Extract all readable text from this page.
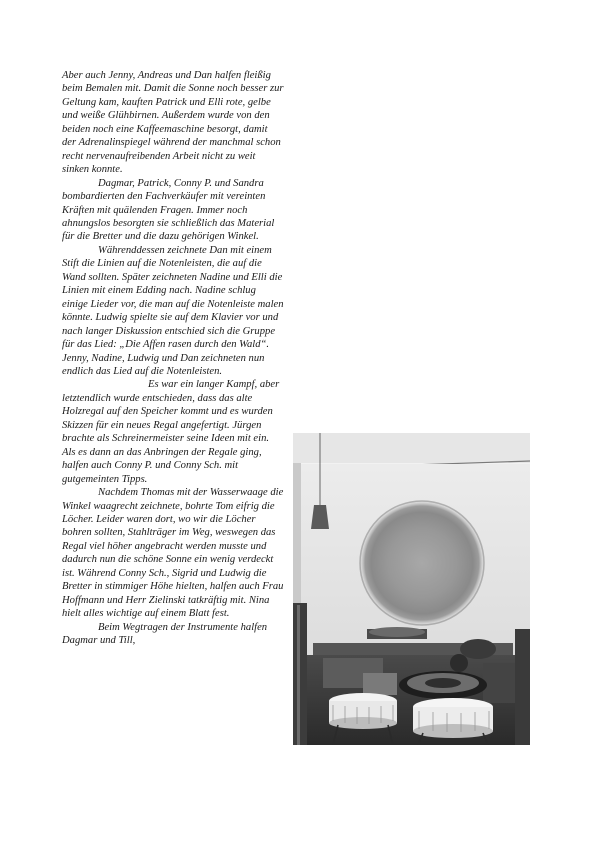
Aber auch Jenny, Andreas und Dan halfen fleißig beim Bemalen mit. Damit die Sonne noch besser zur Geltung kam, kauften Patrick und Elli rote, gelbe und weiße Glühbirnen. Außerdem wurde von den beiden noch eine Kaffeemaschine besorgt, damit der Adrenalinspiegel während der manchmal schon recht nervenaufreibenden Arbeit nicht zu weit sinken konnte.

Dagmar, Patrick, Conny P. und Sandra bombardierten den Fachverkäufer mit vereinten Kräften mit quälenden Fragen. Immer noch ahnungslos besorgten sie schließlich das Material für die Bretter und die dazu gehörigen Winkel.

Währenddessen zeichnete Dan mit einem Stift die Linien auf die Notenleisten, die auf die Wand sollten. Später zeichneten Nadine und Elli die Linien mit einem Edding nach. Nadine schlug einige Lieder vor, die man auf die Notenleiste malen könnte. Ludwig spielte sie auf dem Klavier vor und nach langer Diskussion entschied sich die Gruppe für das Lied: „Die Affen rasen durch den Wald“. Jenny, Nadine, Ludwig und Dan zeichneten nun endlich das Lied auf die Notenleisten.

Es war ein langer Kampf, aber letztendlich wurde entschieden, dass das alte Holzregal auf den Speicher kommt und es wurden Skizzen für ein neues Regal angefertigt. Jürgen brachte als Schreinermeister seine Ideen mit ein. Als es dann an das Anbringen der Regale ging, halfen auch Conny P. und Conny Sch. mit gutgemeinten Tipps.

Nachdem Thomas mit der Wasserwaage die Winkel waagrecht zeichnete, bohrte Tom eifrig die Löcher. Leider waren dort, wo wir die Löcher bohren sollten, Stahlträger im Weg, weswegen das Regal viel höher angebracht werden musste und dadurch nun die schöne Sonne ein wenig verdeckt ist. Während Conny Sch., Sigrid und Ludwig die Bretter in stimmiger Höhe hielten, halfen auch Frau Hoffmann und Herr Zielinski tatkräftig mit. Nina hielt alles wichtige auf einem Blatt fest.

Beim Wegtragen der Instrumente halfen Dagmar und Till,
